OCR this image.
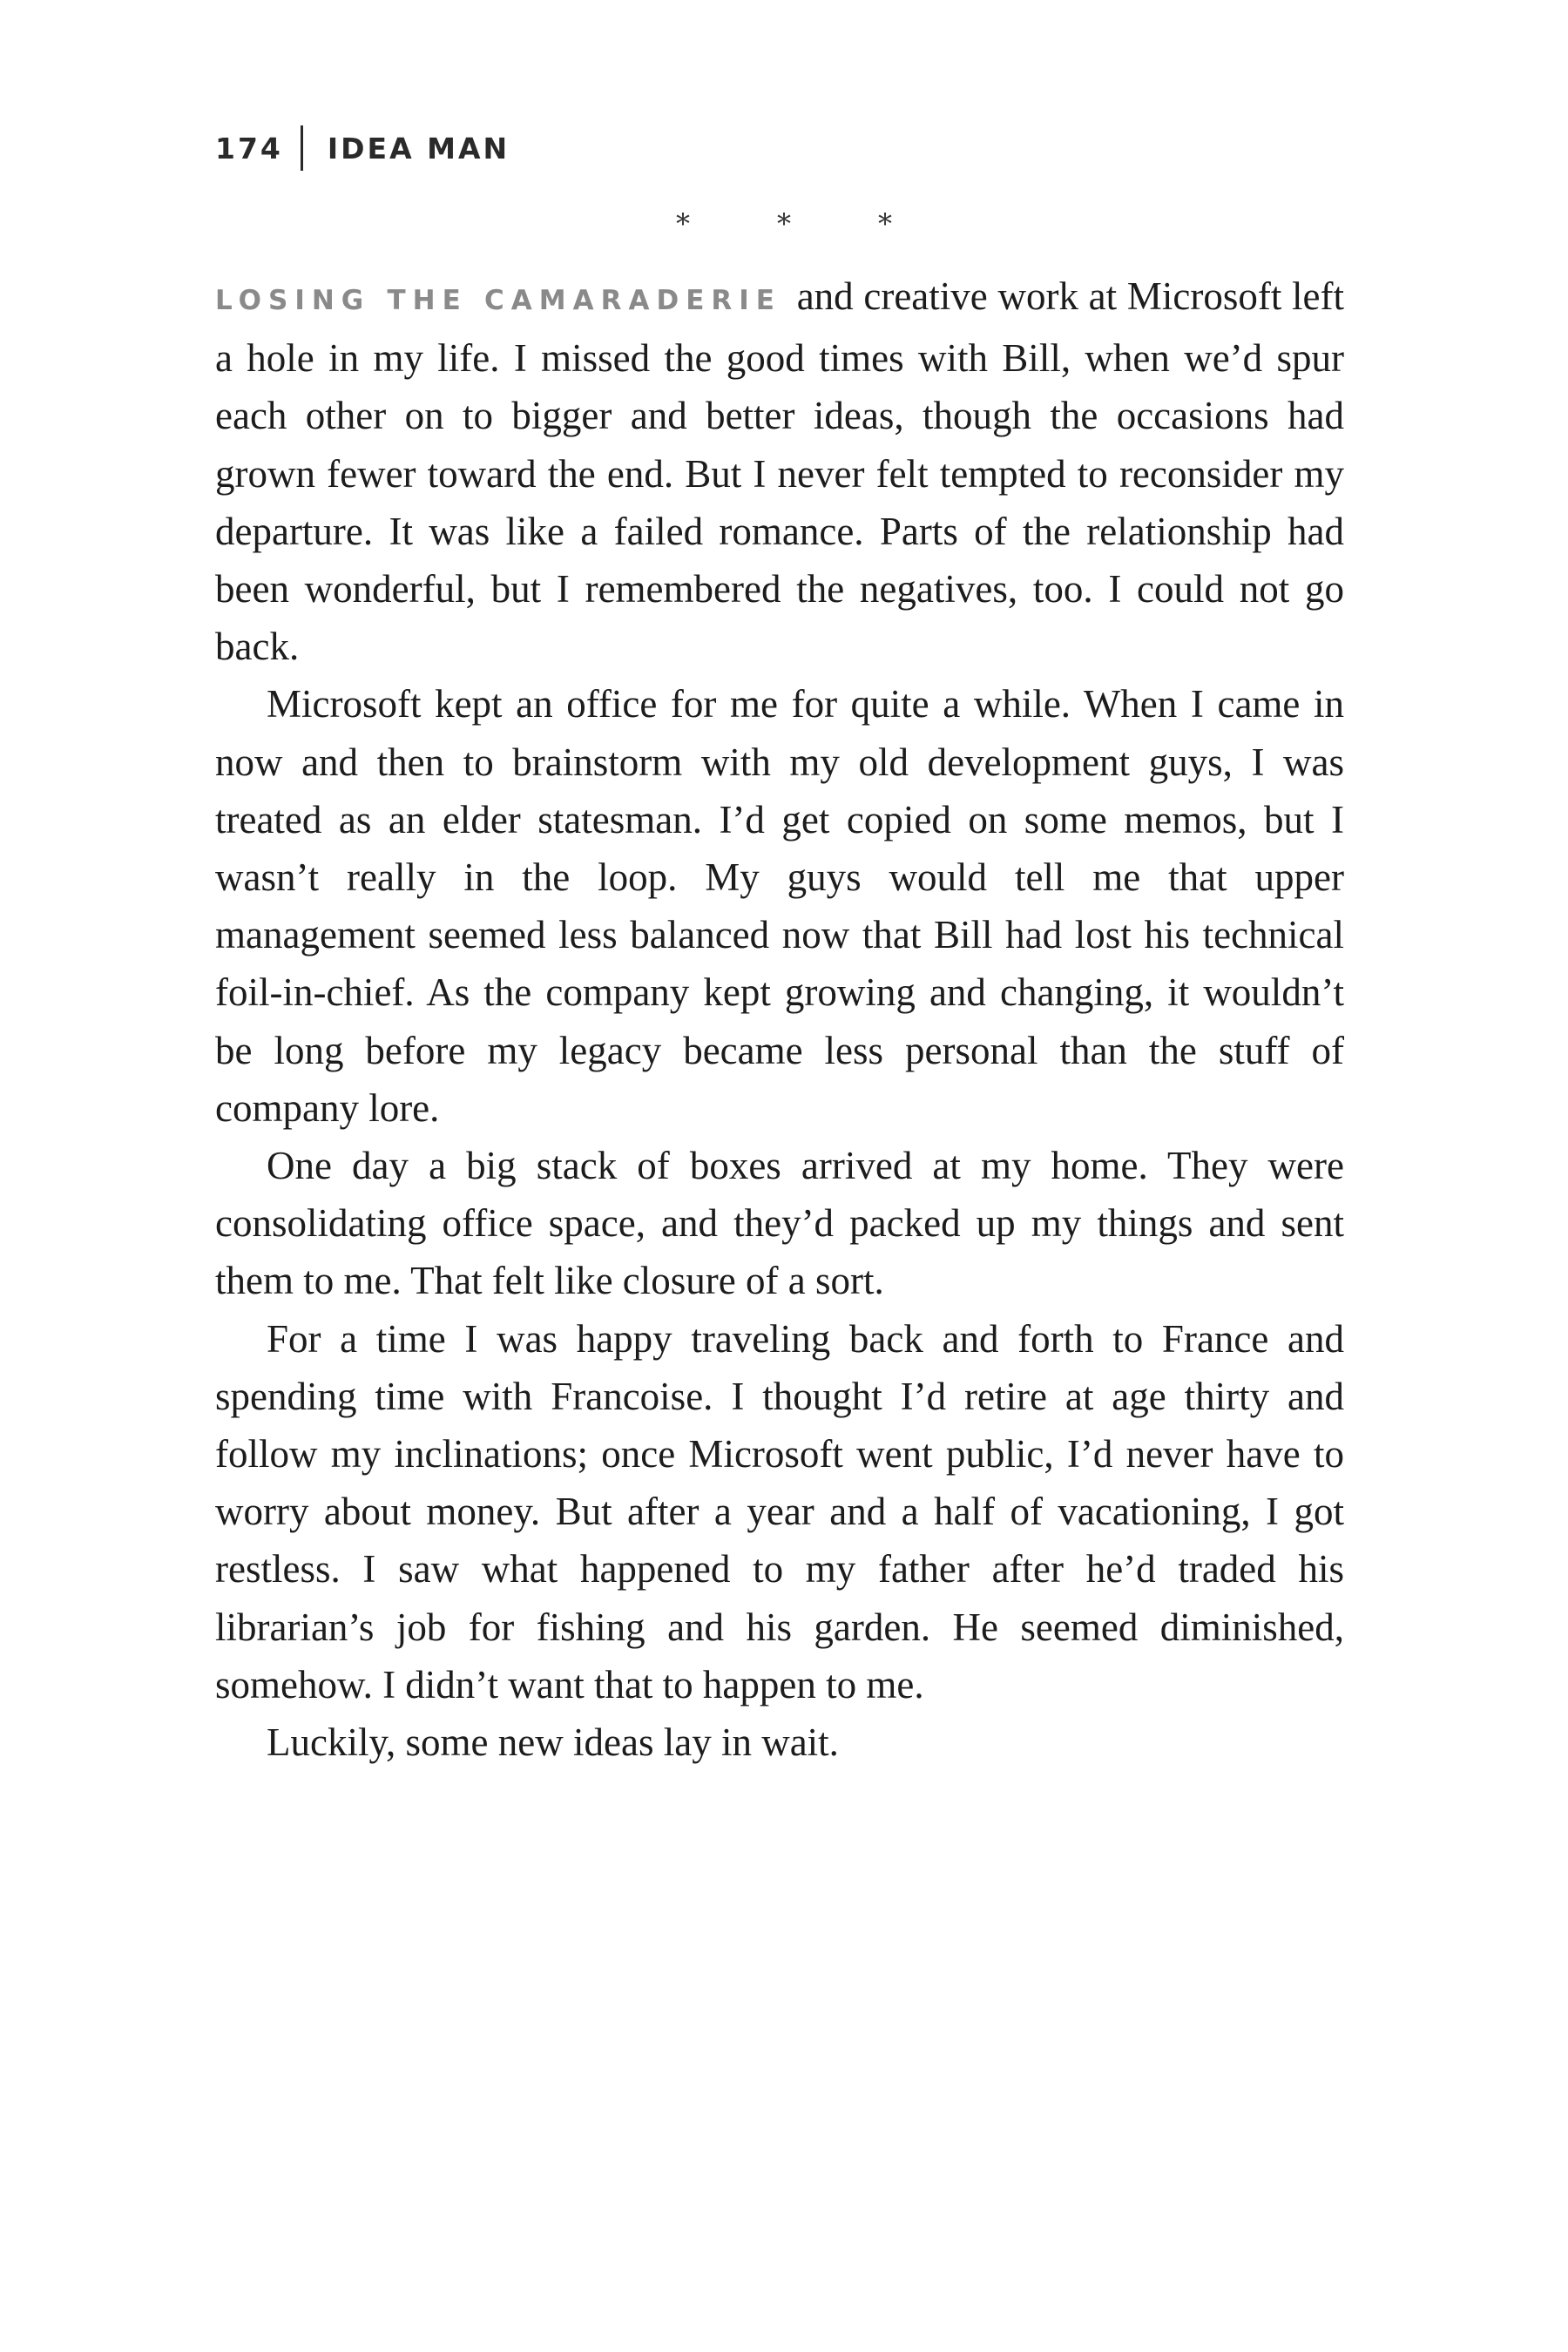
174 IDEA MAN
*	*	*

LOSING THE CAMARADERIE and creative work at Microsoft left a hole in my life. I missed the good times with Bill, when we’d spur each other on to bigger and better ideas, though the occasions had grown fewer toward the end. But I never felt tempted to reconsider my departure. It was like a failed romance. Parts of the relationship had been wonderful, but I remembered the negatives, too. I could not go back.

Microsoft kept an office for me for quite a while. When I came in now and then to brainstorm with my old development guys, I was treated as an elder statesman. I’d get copied on some memos, but I wasn’t really in the loop. My guys would tell me that upper management seemed less balanced now that Bill had lost his technical foil-in-chief. As the company kept growing and changing, it wouldn’t be long before my legacy became less personal than the stuff of company lore.

One day a big stack of boxes arrived at my home. They were consolidating office space, and they’d packed up my things and sent them to me. That felt like closure of a sort.

For a time I was happy traveling back and forth to France and spending time with Francoise. I thought I’d retire at age thirty and follow my inclinations; once Microsoft went public, I’d never have to worry about money. But after a year and a half of vacationing, I got restless. I saw what happened to my father after he’d traded his librarian’s job for fishing and his garden. He seemed diminished, somehow. I didn’t want that to happen to me.

Luckily, some new ideas lay in wait.
